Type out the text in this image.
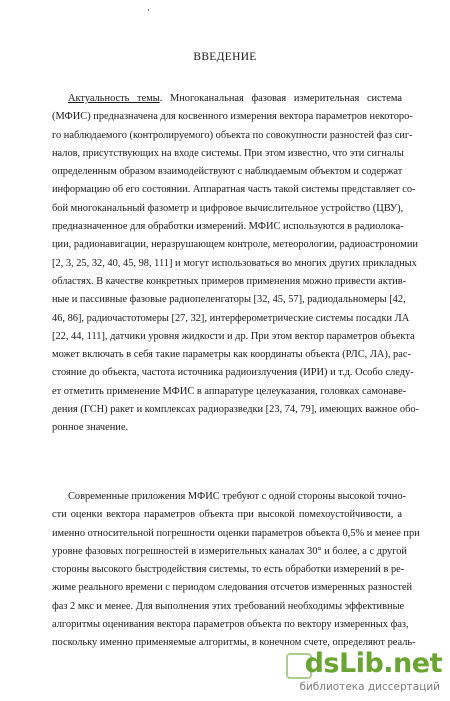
ВВЕДЕНИЕ
Актуальность темы. Многоканальная фазовая измерительная система
(МФИС) предназначена для косвенного измерения вектора параметров некоторо-
го наблюдаемого (контролируемого) объекта по совокупности разностей фаз сиг-
налов, присутствующих на входе системы. При этом известно, что эти сигналы
определенным образом взаимодействуют с наблюдаемым объектом и содержат
информацию об его состоянии. Аппаратная часть такой системы представляет со-
бой многоканальный фазометр и цифровое вычислительное устройство (ЦВУ),
предназначенное для обработки измерений. МФИС используются в радиолока-
ции, радионавигации, неразрушающем контроле, метеорологии, радиоастрономии
[2, 3, 25, 32, 40, 45, 98, 111] и могут использоваться во многих других прикладных
областях. В качестве конкретных примеров применения можно привести актив-
ные и пассивные фазовые радиопеленгаторы [32, 45, 57], радиодальномеры [42,
46, 86], радиочастотомеры [27, 32], интерферометрические системы посадки ЛА
[22, 44, 111], датчики уровня жидкости и др. При этом вектор параметров объекта
может включать в себя такие параметры как координаты объекта (РЛС, ЛА), рас-
стояние до объекта, частота источника радиоизлучения (ИРИ) и т.д. Особо следу-
ет отметить применение МФИС в аппаратуре целеуказания, головках самонаве-
дения (ГСН) ракет и комплексах радиоразведки [23, 74, 79], имеющих важное обо-
ронное значение.
Современные приложения МФИС требуют с одной стороны высокой точно-
сти оценки вектора параметров объекта при высокой помехоустойчивости, а
именно относительной погрешности оценки параметров объекта 0,5% и менее при
уровне фазовых погрешностей в измерительных каналах 30° и более, а с другой
стороны высокого быстродействия системы, то есть обработки измерений в ре-
жиме реального времени с периодом следования отсчетов измеренных разностей
фаз 2 мкс и менее. Для выполнения этих требований необходимы эффективные
алгоритмы оценивания вектора параметров объекта по вектору измеренных фаз,
поскольку именно применяемые алгоритмы, в конечном счете, определяют реаль-
dsLib.net
библиотека диссертаций
